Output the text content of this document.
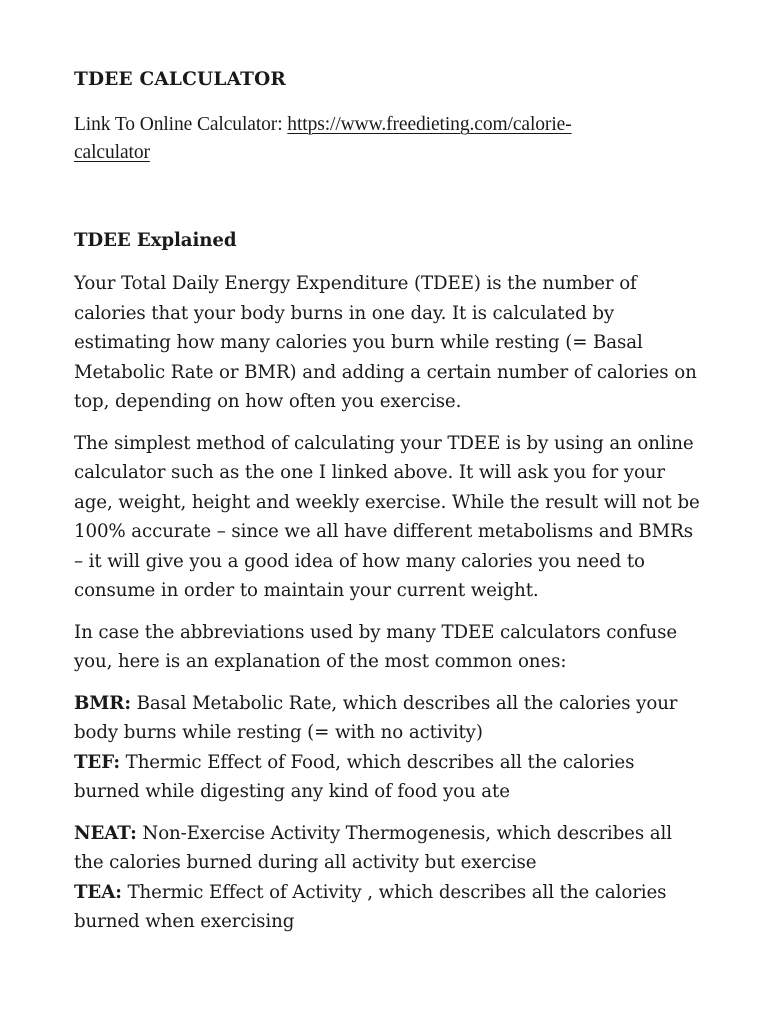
TDEE CALCULATOR

Link To Online Calculator: https://www.freedieting.com/calorie-
calculator

TDEE Explained

Your Total Daily Energy Expenditure (TDEE) is the number of calories that your body burns in one day. It is calculated by estimating how many calories you burn while resting (= Basal Metabolic Rate or BMR) and adding a certain number of calories on top, depending on how often you exercise.

The simplest method of calculating your TDEE is by using an online calculator such as the one I linked above. It will ask you for your age, weight, height and weekly exercise. While the result will not be 100% accurate – since we all have different metabolisms and BMRs – it will give you a good idea of how many calories you need to consume in order to maintain your current weight.

In case the abbreviations used by many TDEE calculators confuse you, here is an explanation of the most common ones:

BMR: Basal Metabolic Rate, which describes all the calories your body burns while resting (= with no activity)
TEF: Thermic Effect of Food, which describes all the calories burned while digesting any kind of food you ate
NEAT: Non-Exercise Activity Thermogenesis, which describes all the calories burned during all activity but exercise
TEA: Thermic Effect of Activity , which describes all the calories burned when exercising
